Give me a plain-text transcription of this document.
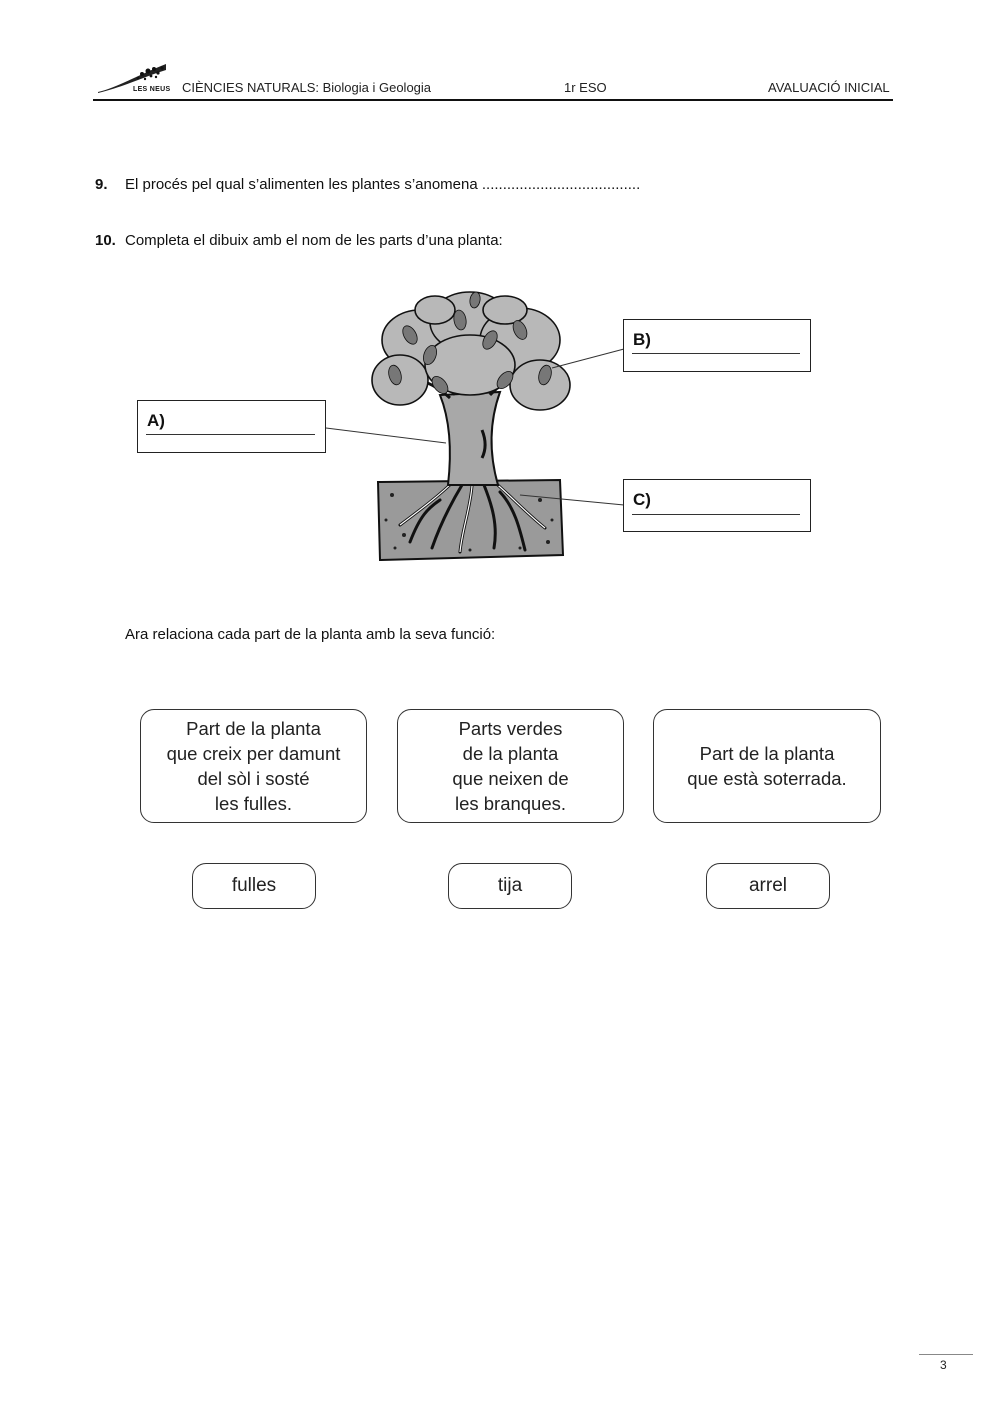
LES NEUS CIÈNCIES NATURALS: Biologia i Geologia	1r ESO	AVALUACIÓ INICIAL
9. El procés pel qual s’alimenten les plantes s’anomena ......................................
10. Completa el dibuix amb el nom de les parts d’una planta:
A)
B)
C)
Ara relaciona cada part de la planta amb la seva funció:
Part de la planta
que creix per damunt
del sòl i sosté
les fulles.
Parts verdes
de la planta
que neixen de
les branques.
Part de la planta
que està soterrada.
fulles	tija	arrel
3
